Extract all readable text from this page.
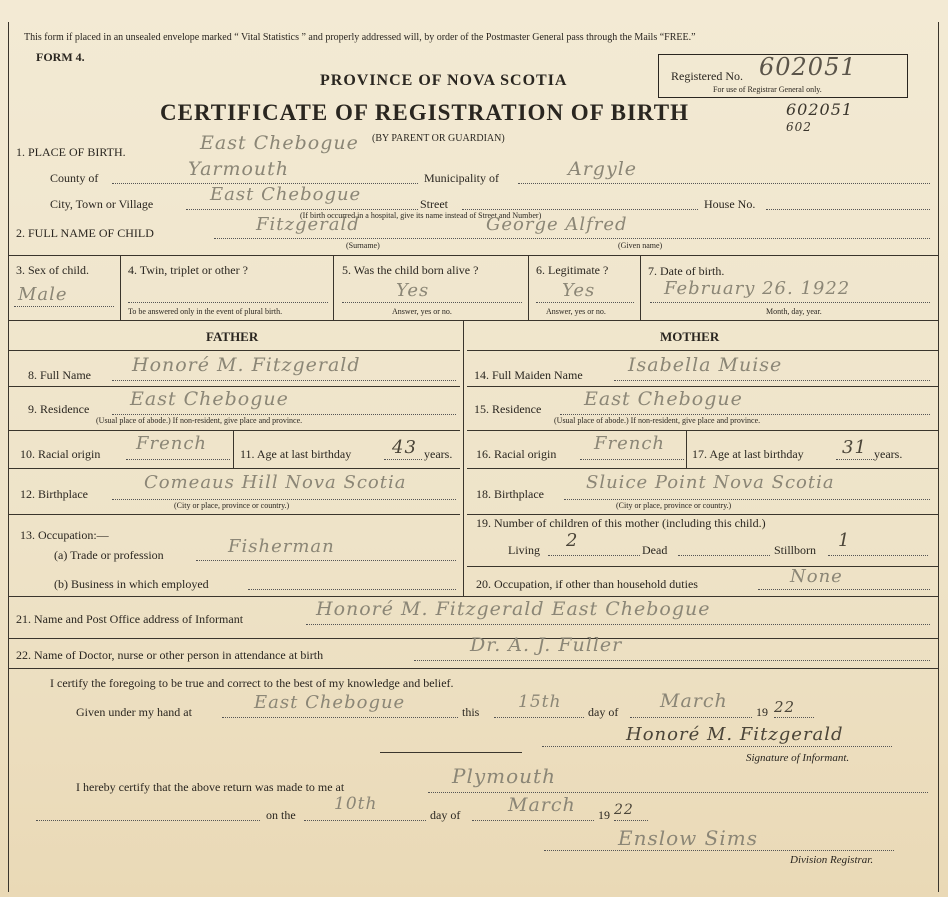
This form if placed in an unsealed envelope marked “ Vital Statistics ” and properly addressed will, by order of the Postmaster General pass through the Mails “FREE.”
FORM 4.
PROVINCE OF NOVA SCOTIA
CERTIFICATE OF REGISTRATION OF BIRTH
(BY PARENT OR GUARDIAN)
Registered No. 602051
For use of Registrar General only.
602051
602
1. PLACE OF BIRTH.	East Chebogue
County of	Yarmouth	Municipality of	Argyle
City, Town or Village	East Chebogue	Street	House No.
(If birth occurred in a hospital, give its name instead of Street and Number)
2. FULL NAME OF CHILD	Fitzgerald	George Alfred
(Surname)	(Given name)
3. Sex of child.
Male
4. Twin, triplet or other ?
To be answered only in the event of plural birth.
5. Was the child born alive ?
Yes
Answer, yes or no.
6. Legitimate ?
Yes
Answer, yes or no.
7. Date of birth.
February 26. 1922
Month, day, year.
FATHER	MOTHER
8. Full Name Honoré M. Fitzgerald
9. Residence East Chebogue
(Usual place of abode.) If non-resident, give place and province.
10. Racial origin French	11. Age at last birthday 43 years.
12. Birthplace
Comeaus Hill Nova Scotia
(City or place, province or country.)
13. Occupation:—
(a) Trade or profession	Fisherman
(b) Business in which employed
14. Full Maiden Name Isabella Muise
15. Residence East Chebogue
(Usual place of abode.) If non-resident, give place and province.
16. Racial origin French 17. Age at last birthday 31 years.
18. Birthplace
Sluice Point Nova Scotia
(City or place, province or country.)
19. Number of children of this mother (including this child.)
Living 2	Dead	Stillborn 1
20. Occupation, if other than household duties	None
21. Name and Post Office address of Informant	Honoré M. Fitzgerald East Chebogue
22. Name of Doctor, nurse or other person in attendance at birth	Dr. A. J. Fuller
I certify the foregoing to be true and correct to the best of my knowledge and belief.
Given under my hand at	East Chebogue	this 15th day of March 19 22
Honoré M. Fitzgerald
Signature of Informant.
I hereby certify that the above return was made to me at	Plymouth
on the
10th
day of	March 19 22
Enslow Sims
Division Registrar.
